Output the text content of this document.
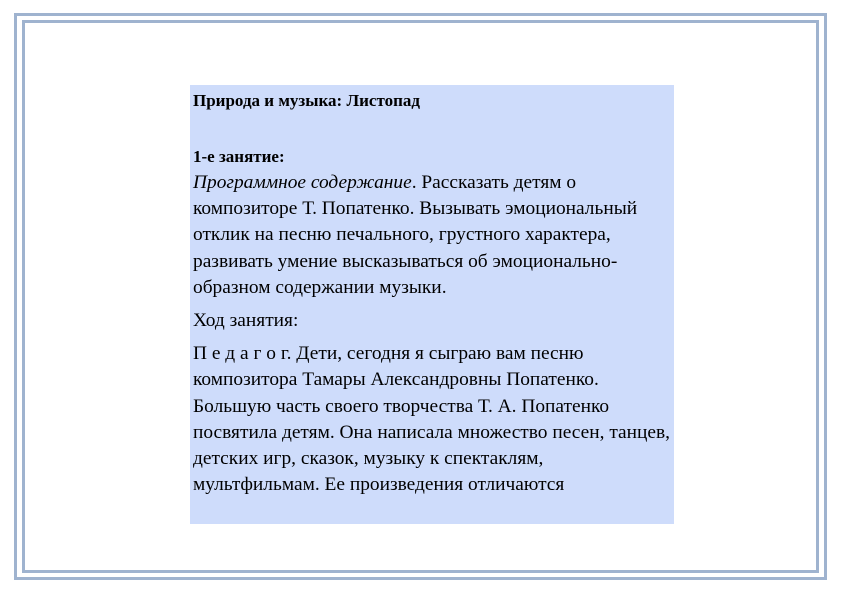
Природа и музыка: Листопад

1-е занятие:

Программное содержание. Рассказать детям о композиторе Т. Попатенко. Вызывать эмоциональный отклик на песню печального, грустного характера, развивать умение высказываться об эмоционально-образном содержании музыки.

Ход занятия:

П е д а г о г. Дети, сегодня я сыграю вам песню композитора Тамары Александровны Попатенко. Большую часть своего творчества Т. А. Попатенко посвятила детям. Она написала множество песен, танцев, детских игр, сказок, музыку к спектаклям, мультфильмам. Ее произведения отличаются
